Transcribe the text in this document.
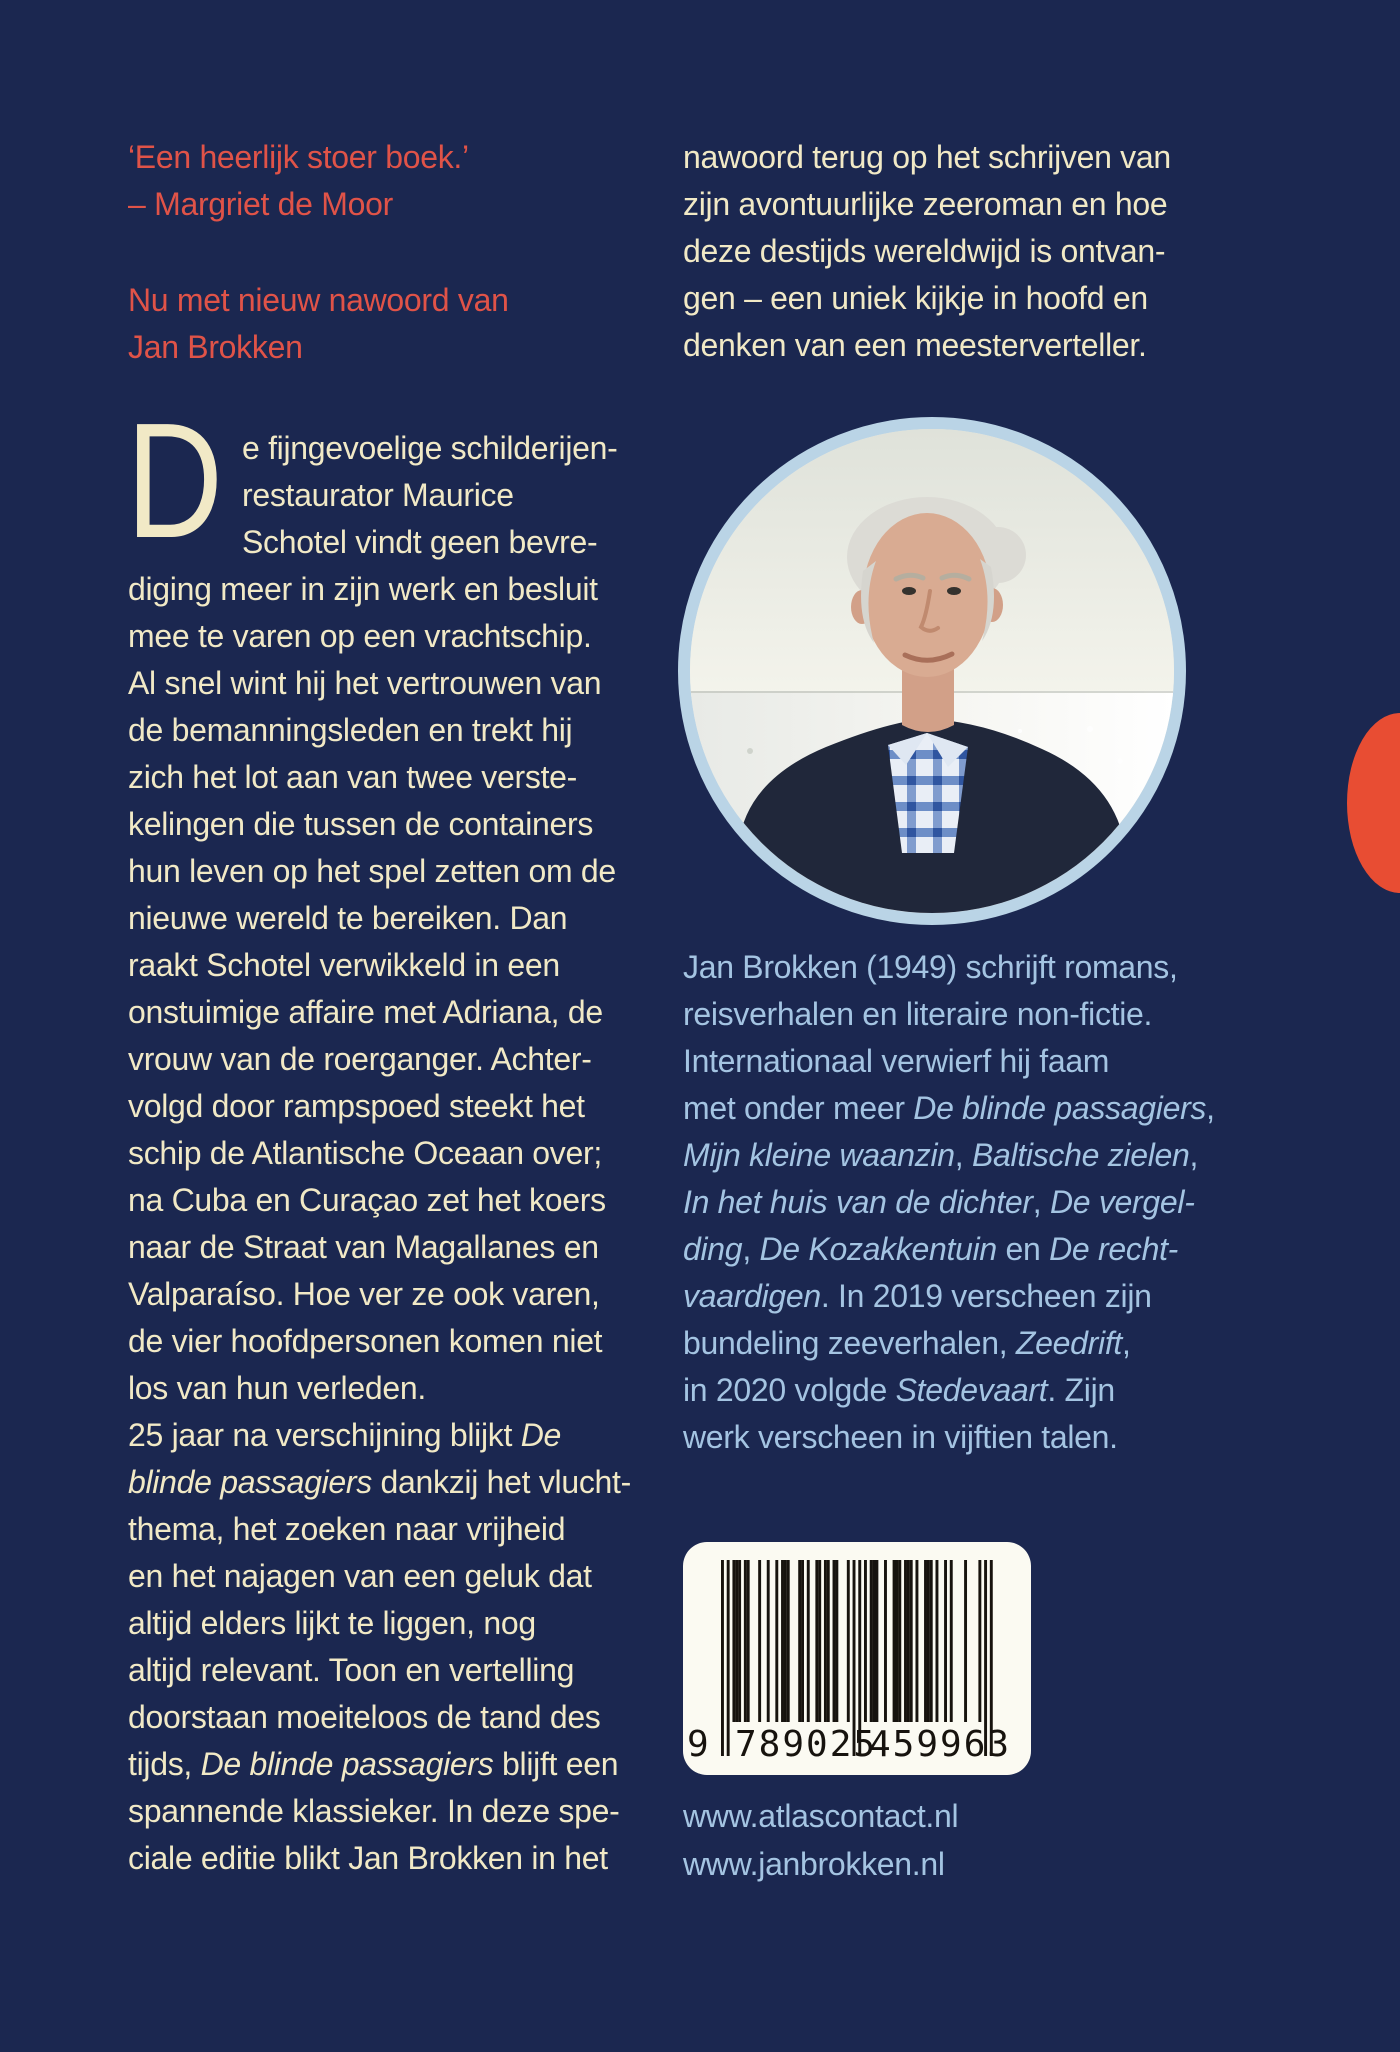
‘Een heerlijk stoer boek.’
– Margriet de Moor
Nu met nieuw nawoord van
Jan Brokken
D e fijngevoelige schilderijen-
restaurator Maurice
Schotel vindt geen bevre-
diging meer in zijn werk en besluit
mee te varen op een vrachtschip.
Al snel wint hij het vertrouwen van
de bemanningsleden en trekt hij
zich het lot aan van twee verste-
kelingen die tussen de containers
hun leven op het spel zetten om de
nieuwe wereld te bereiken. Dan
raakt Schotel verwikkeld in een
onstuimige affaire met Adriana, de
vrouw van de roerganger. Achter-
volgd door rampspoed steekt het
schip de Atlantische Oceaan over;
na Cuba en Curaçao zet het koers
naar de Straat van Magallanes en
Valparaíso. Hoe ver ze ook varen,
de vier hoofdpersonen komen niet
los van hun verleden.
25 jaar na verschijning blijkt De
blinde passagiers dankzij het vlucht-
thema, het zoeken naar vrijheid
en het najagen van een geluk dat
altijd elders lijkt te liggen, nog
altijd relevant. Toon en vertelling
doorstaan moeiteloos de tand des
tijds, De blinde passagiers blijft een
spannende klassieker. In deze spe-
ciale editie blikt Jan Brokken in het
nawoord terug op het schrijven van
zijn avontuurlijke zeeroman en hoe
deze destijds wereldwijd is ontvan-
gen – een uniek kijkje in hoofd en
denken van een meesterverteller.
Jan Brokken (1949) schrijft romans,
reisverhalen en literaire non-fictie.
Internationaal verwierf hij faam
met onder meer De blinde passagiers,
Mijn kleine waanzin, Baltische zielen,
In het huis van de dichter, De vergel-
ding, De Kozakkentuin en De recht-
vaardigen. In 2019 verscheen zijn
bundeling zeeverhalen, Zeedrift,
in 2020 volgde Stedevaart. Zijn
werk verscheen in vijftien talen.
9 789025
459963
www.atlascontact.nl
www.janbrokken.nl
